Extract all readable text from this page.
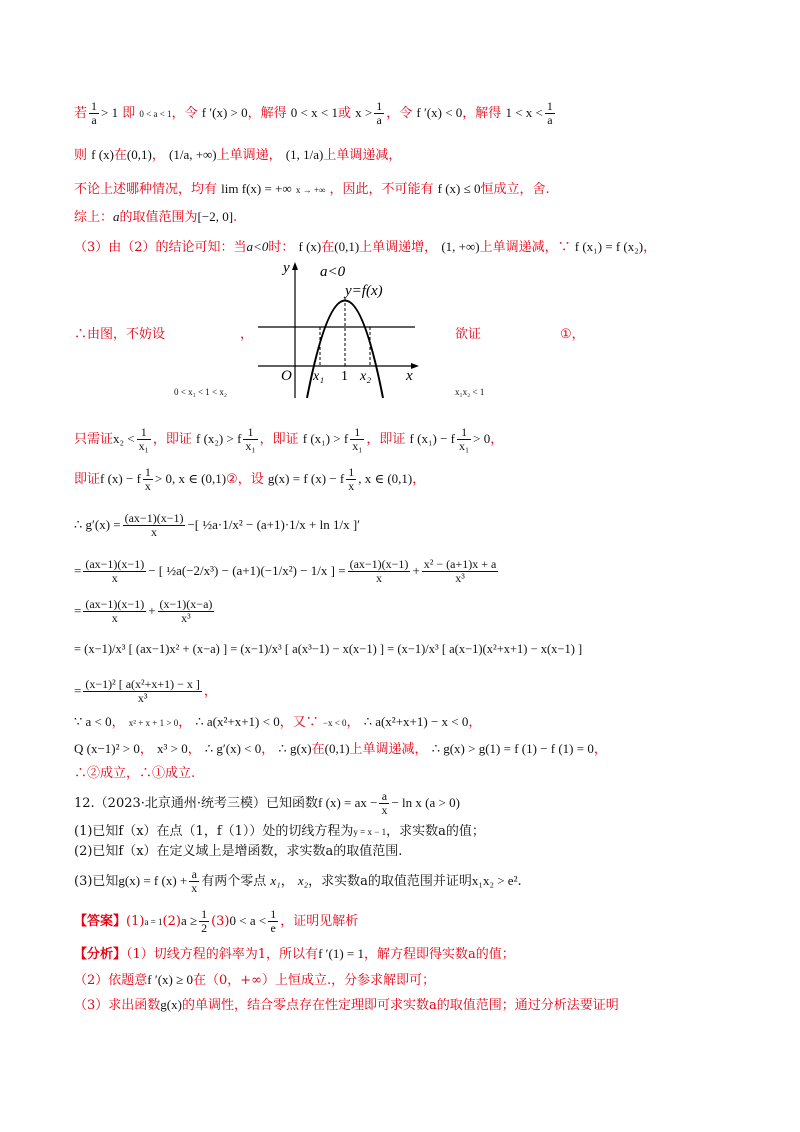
若 $\frac{1}{a} > 1$ 即 0 < a < 1，令 f ′(x) > 0，解得 0 < x < 1或 $x > \frac{1}{a}$ ，令 f ′(x) < 0，解得 $1 < x < \frac{1}{a}$
则 f (x)在(0,1)， (1/a, +∞)上单调递， (1, 1/a)上单调递减，
不论上述哪种情况，均有 lim f(x) = +∞ x → +∞ ，因此，不可能有 f (x) ≤ 0恒成立，舍.
综上：a的取值范围为[−2, 0].
（3）由（2）的结论可知：当a<0时： f (x)在(0,1)上单调递增， (1, +∞)上单调递减，∵ f (x₁) = f (x₂)，
a<0
y=f(x)
y
x
O x₁ 1 x₂
∴由图，不妨设	，	欲证	①，
0 < x₁ < 1 < x₂	x₁x₂ < 1
只需证$x_2 < \frac{1}{\text{x₁}}$ ，即证 f (x₂) > f $\frac{1}{\text{x₁}}$ ，即证 f (x₁) > f $\frac{1}{\text{x₁}}$ ，即证 f (x₁) − f $\frac{1}{\text{x₁}} > 0$，
即证f (x) − f $\frac{1}{x} > 0$, x ∈ (0,1)②，设 g(x) = f (x) − f $\frac{1}{x}$ , x ∈ (0,1)，
∴ $g'(x) = \frac{(ax-1)(x-1)}{x}$ −[ ½a·1/x² − (a+1)·1/x + ln 1/x ]′
= $\frac{(ax-1)(x-1)}{x}$ − [ ½a(−2/x³) − (a+1)(−1/x²) − 1/x ] = $\frac{(ax-1)(x-1)}{x} + \frac{\text{x² − (a+1)x + a}}{\text{x³}}$
= $\frac{(ax-1)(x-1)}{x} + \frac{(x-1)(x-a)}{\text{x³}}$
= (x−1)/x³ [ (ax−1)x² + (x−a) ] = (x−1)/x³ [ a(x³−1) − x(x−1) ] = (x−1)/x³ [ a(x−1)(x²+x+1) − x(x−1) ]
= $\frac{\text{(x−1)² [ a(x²+x+1) − x ]}}{\text{x³}}$ ，
∵ a < 0， x² + x + 1 > 0， ∴ a(x²+x+1) < 0，又∵ −x < 0， ∴ a(x²+x+1) − x < 0，
Q (x−1)² > 0， x³ > 0， ∴ g′(x) < 0， ∴ g(x)在(0,1)上单调递减， ∴ g(x) > g(1) = f (1) − f (1) = 0，
∴②成立，∴①成立.
12.（2023·北京通州·统考三模）已知函数f (x) = ax − $\frac{a}{x} - \ln x$ (a > 0)
(1)已知f（x）在点（1，f（1））处的切线方程为y = x − 1，求实数a的值；
(2)已知f（x）在定义域上是增函数，求实数a的取值范围.
(3)已知g(x) = f $(x) + \frac{a}{x}$ 有两个零点 x₁， x₂，求实数a的取值范围并证明x₁x₂ > e².
【答案】$(1)a = 1(2)a \ge \frac{1}{2} (3)0 < a < \frac{1}{e}$ ，证明见解析
【分析】（1）切线方程的斜率为1，所以有f ′(1) = 1，解方程即得实数a的值；
（2）依题意f ′(x) ≥ 0在（0，+∞）上恒成立.，分参求解即可；
（3）求出函数g(x)的单调性，结合零点存在性定理即可求实数a的取值范围；通过分析法要证明
